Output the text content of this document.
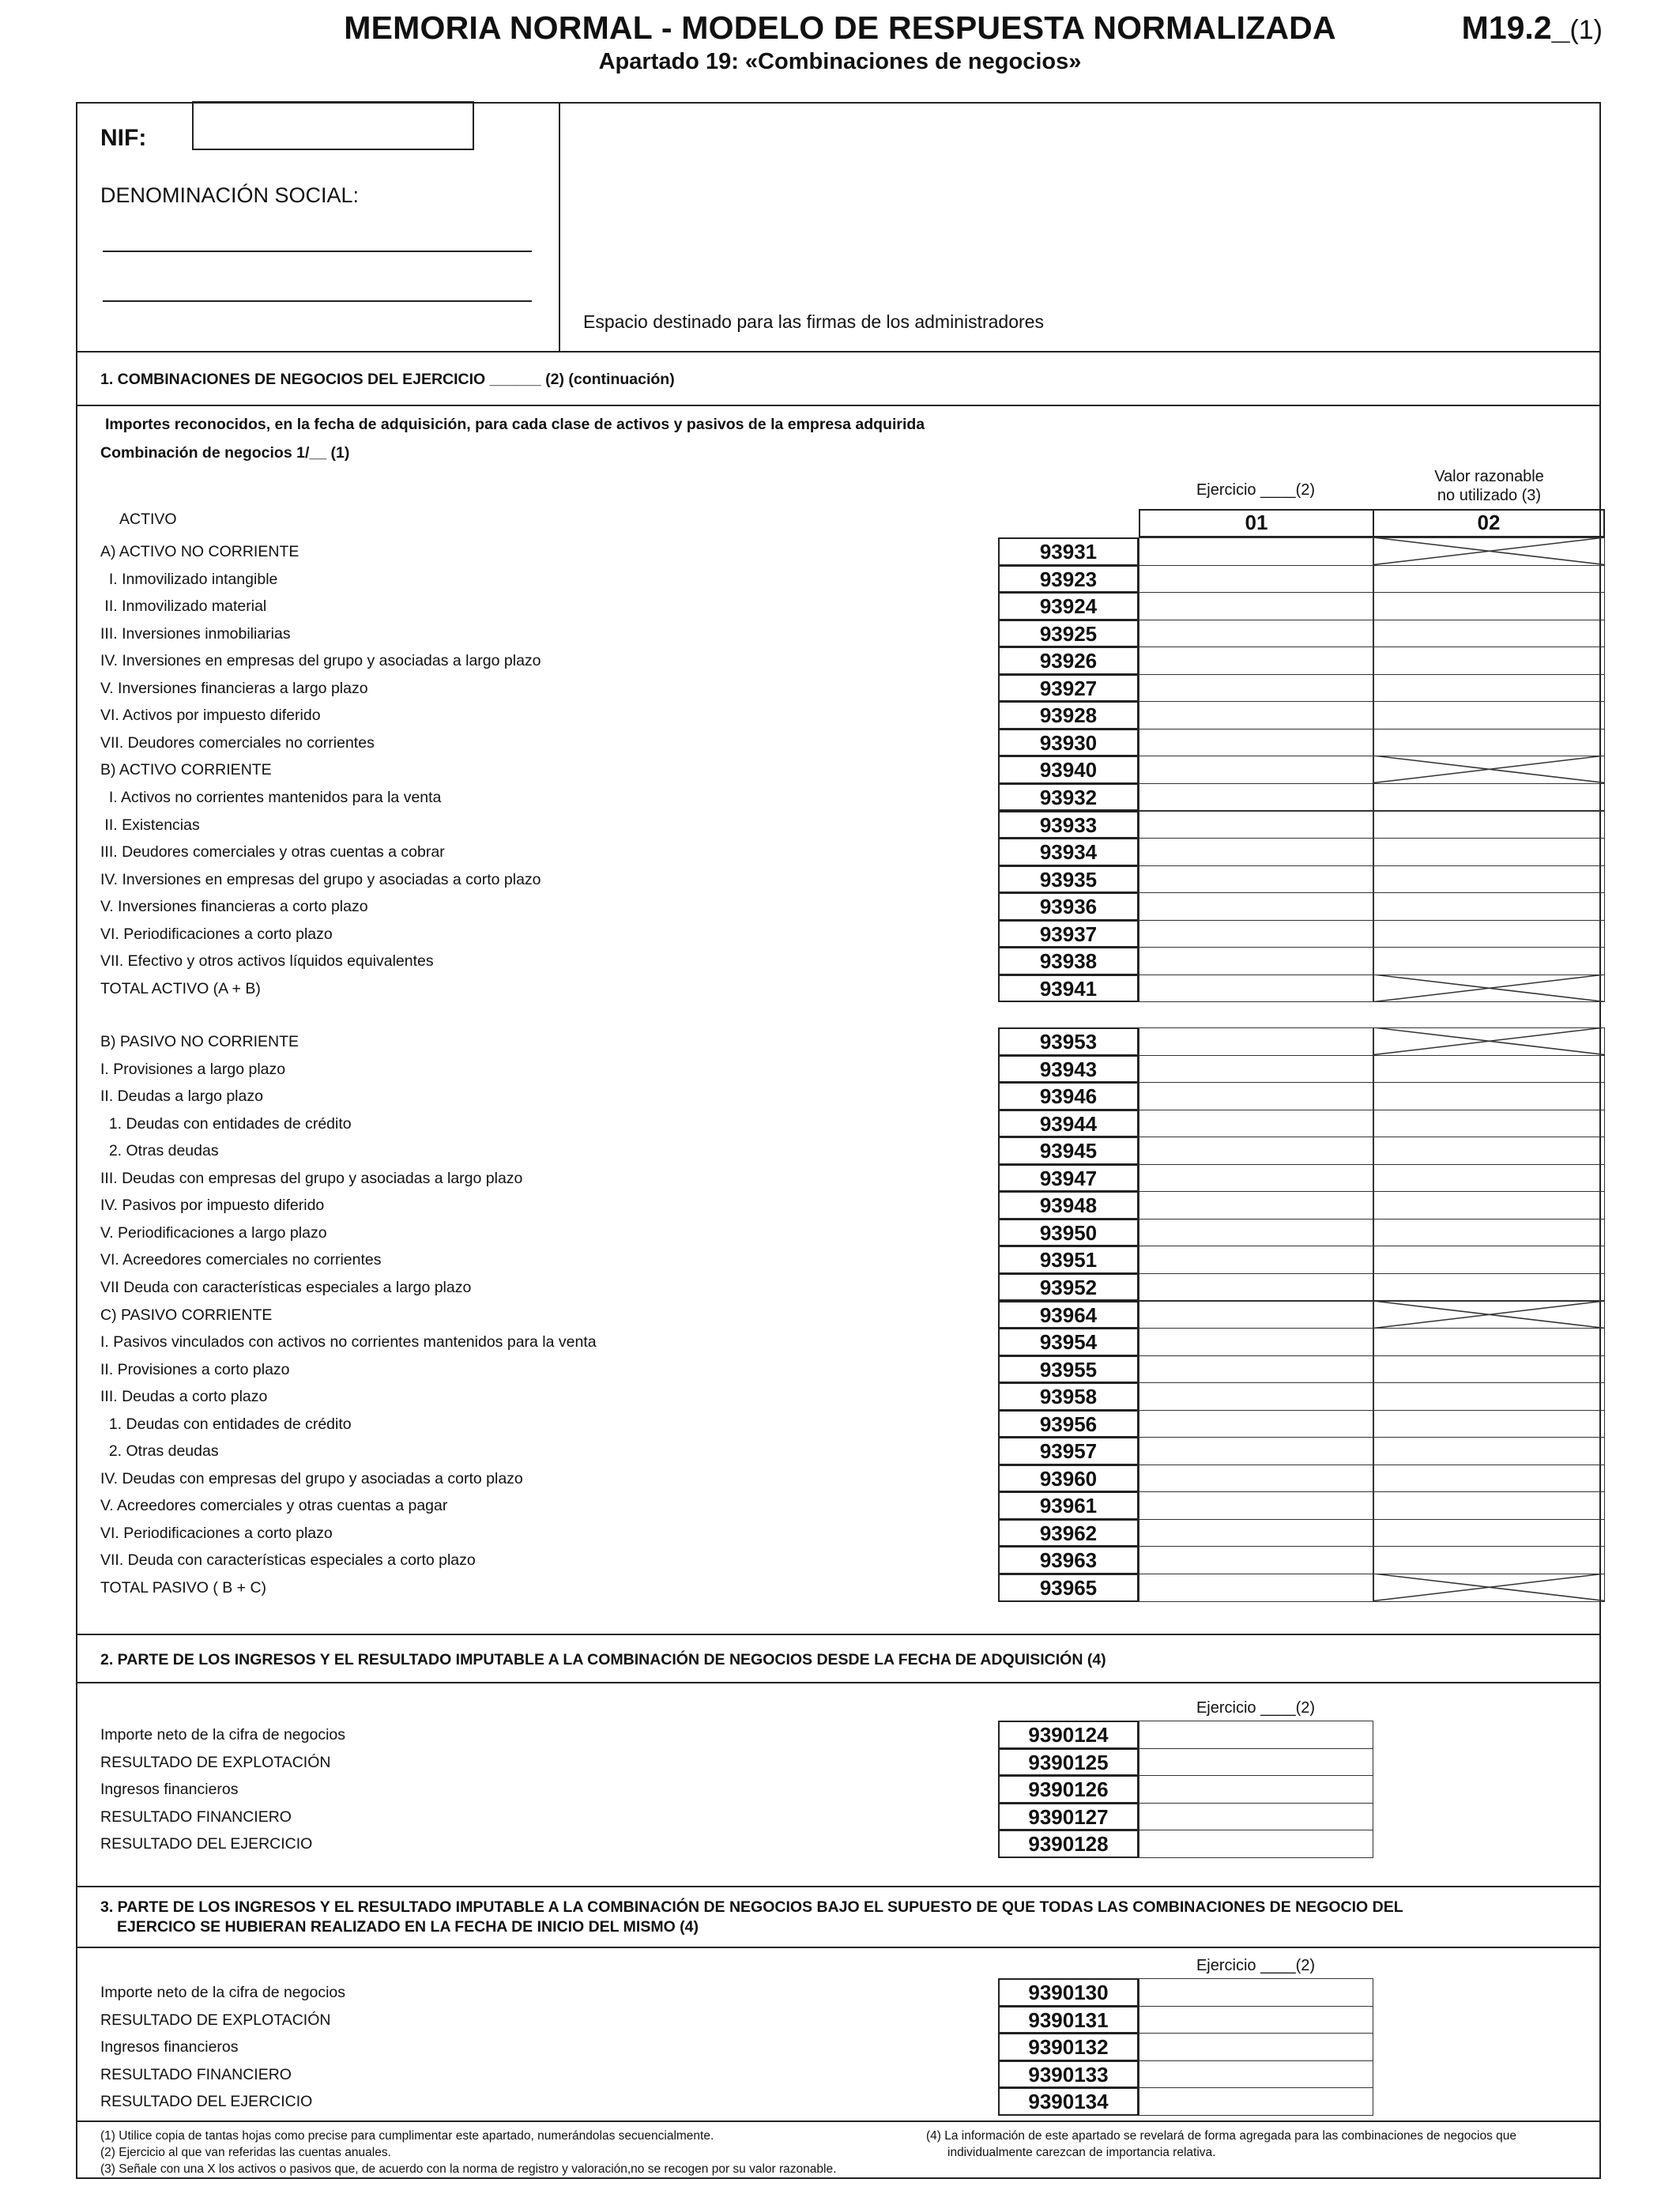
MEMORIA NORMAL - MODELO DE RESPUESTA NORMALIZADA	M19.2_(1)
Apartado 19: «Combinaciones de negocios»
NIF:
DENOMINACIÓN SOCIAL:
Espacio destinado para las firmas de los administradores
1. COMBINACIONES DE NEGOCIOS DEL EJERCICIO ______ (2) (continuación)
Importes reconocidos, en la fecha de adquisición, para cada clase de activos y pasivos de la empresa adquirida
Combinación de negocios 1/__ (1)
Ejercicio ____(2)
Valor razonable
no utilizado (3)
ACTIVO	01	02
A) ACTIVO NO CORRIENTE	93931
I. Inmovilizado intangible	93923
II. Inmovilizado material	93924
III. Inversiones inmobiliarias	93925
IV. Inversiones en empresas del grupo y asociadas a largo plazo	93926
V. Inversiones financieras a largo plazo	93927
VI. Activos por impuesto diferido	93928
VII. Deudores comerciales no corrientes	93930
B) ACTIVO CORRIENTE	93940
I. Activos no corrientes mantenidos para la venta	93932
II. Existencias	93933
III. Deudores comerciales y otras cuentas a cobrar	93934
IV. Inversiones en empresas del grupo y asociadas a corto plazo	93935
V. Inversiones financieras a corto plazo	93936
VI. Periodificaciones a corto plazo	93937
VII. Efectivo y otros activos líquidos equivalentes	93938
TOTAL ACTIVO (A + B)	93941
B) PASIVO NO CORRIENTE	93953
I. Provisiones a largo plazo	93943
II. Deudas a largo plazo	93946
1. Deudas con entidades de crédito	93944
2. Otras deudas	93945
III. Deudas con empresas del grupo y asociadas a largo plazo	93947
IV. Pasivos por impuesto diferido	93948
V. Periodificaciones a largo plazo	93950
VI. Acreedores comerciales no corrientes	93951
VII Deuda con características especiales a largo plazo	93952
C) PASIVO CORRIENTE	93964
I. Pasivos vinculados con activos no corrientes mantenidos para la venta	93954
II. Provisiones a corto plazo	93955
III. Deudas a corto plazo	93958
1. Deudas con entidades de crédito	93956
2. Otras deudas	93957
IV. Deudas con empresas del grupo y asociadas a corto plazo	93960
V. Acreedores comerciales y otras cuentas a pagar	93961
VI. Periodificaciones a corto plazo	93962
VII. Deuda con características especiales a corto plazo	93963
TOTAL PASIVO ( B + C)	93965
2. PARTE DE LOS INGRESOS Y EL RESULTADO IMPUTABLE A LA COMBINACIÓN DE NEGOCIOS DESDE LA FECHA DE ADQUISICIÓN (4)
Ejercicio ____(2)
Importe neto de la cifra de negocios	9390124
RESULTADO DE EXPLOTACIÓN	9390125
Ingresos financieros	9390126
RESULTADO FINANCIERO	9390127
RESULTADO DEL EJERCICIO	9390128
3. PARTE DE LOS INGRESOS Y EL RESULTADO IMPUTABLE A LA COMBINACIÓN DE NEGOCIOS BAJO EL SUPUESTO DE QUE TODAS LAS COMBINACIONES DE NEGOCIO DEL
EJERCICO SE HUBIERAN REALIZADO EN LA FECHA DE INICIO DEL MISMO (4)
Ejercicio ____(2)
Importe neto de la cifra de negocios	9390130
RESULTADO DE EXPLOTACIÓN	9390131
Ingresos financieros	9390132
RESULTADO FINANCIERO	9390133
RESULTADO DEL EJERCICIO	9390134
(1) Utilice copia de tantas hojas como precise para cumplimentar este apartado, numerándolas secuencialmente.
(2) Ejercicio al que van referidas las cuentas anuales.
(3) Señale con una X los activos o pasivos que, de acuerdo con la norma de registro y valoración,no se recogen por su valor razonable.
(4) La información de este apartado se revelará de forma agregada para las combinaciones de negocios que
individualmente carezcan de importancia relativa.
